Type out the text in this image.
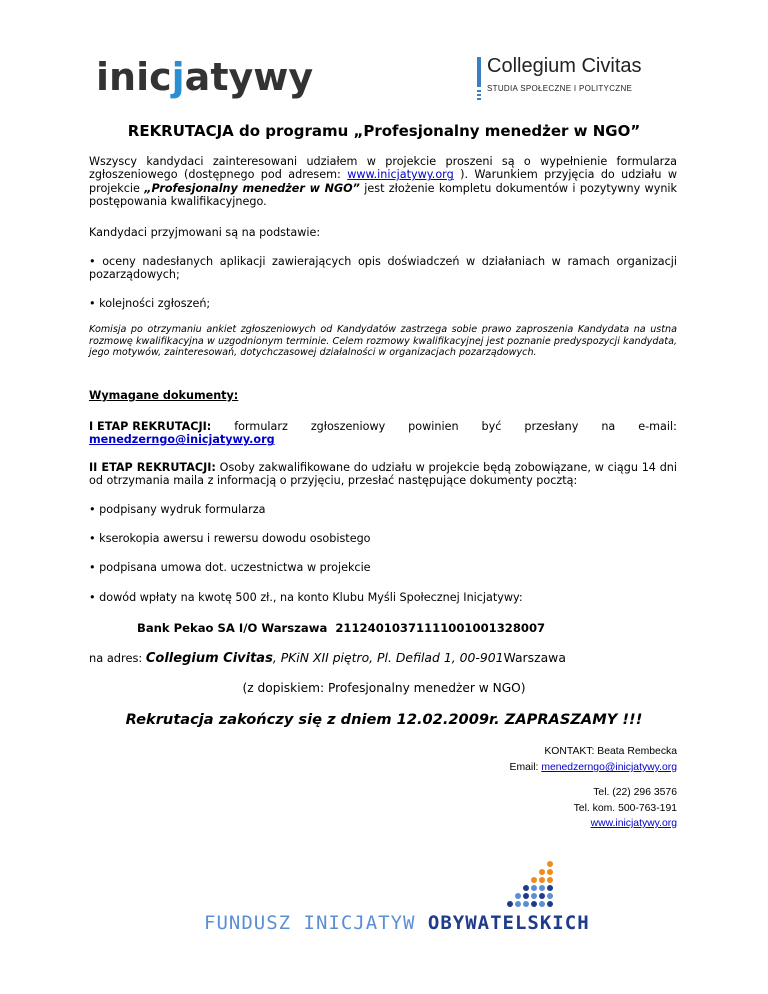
inicjatywy	Collegium Civitas
STUDIA SPOŁECZNE I POLITYCZNE
REKRUTACJA do programu „Profesjonalny menedżer w NGO”
Wszyscy kandydaci zainteresowani udziałem w projekcie proszeni są o wypełnienie formularza zgłoszeniowego (dostępnego pod adresem: www.inicjatywy.org ). Warunkiem przyjęcia do udziału w projekcie „Profesjonalny menedżer w NGO” jest złożenie kompletu dokumentów i pozytywny wynik postępowania kwalifikacyjnego.
Kandydaci przyjmowani są na podstawie:
• oceny nadesłanych aplikacji zawierających opis doświadczeń w działaniach w ramach organizacji pozarządowych;
• kolejności zgłoszeń;
Komisja po otrzymaniu ankiet zgłoszeniowych od Kandydatów zastrzega sobie prawo zaproszenia Kandydata na ustna rozmowę kwalifikacyjna w uzgodnionym terminie. Celem rozmowy kwalifikacyjnej jest poznanie predyspozycji kandydata, jego motywów, zainteresowań, dotychczasowej działalności w organizacjach pozarządowych.
Wymagane dokumenty:
I ETAP REKRUTACJI: formularz zgłoszeniowy powinien być przesłany na e-mail:
menedzerngo@inicjatywy.org
II ETAP REKRUTACJI: Osoby zakwalifikowane do udziału w projekcie będą zobowiązane, w ciągu 14 dni od otrzymania maila z informacją o przyjęciu, przesłać następujące dokumenty pocztą:
• podpisany wydruk formularza
• kserokopia awersu i rewersu dowodu osobistego
• podpisana umowa dot. uczestnictwa w projekcie
• dowód wpłaty na kwotę 500 zł., na konto Klubu Myśli Społecznej Inicjatywy:
Bank Pekao SA I/O Warszawa 21124010371111001001328007
na adres: Collegium Civitas, PKiN XII piętro, Pl. Defilad 1, 00-901Warszawa
(z dopiskiem: Profesjonalny menedżer w NGO)
Rekrutacja zakończy się z dniem 12.02.2009r. ZAPRASZAMY !!!
KONTAKT: Beata Rembecka
Email: menedzerngo@inicjatywy.org
Tel. (22) 296 3576
Tel. kom. 500-763-191
www.inicjatywy.org
FUNDUSZ INICJATYW OBYWATELSKICH
